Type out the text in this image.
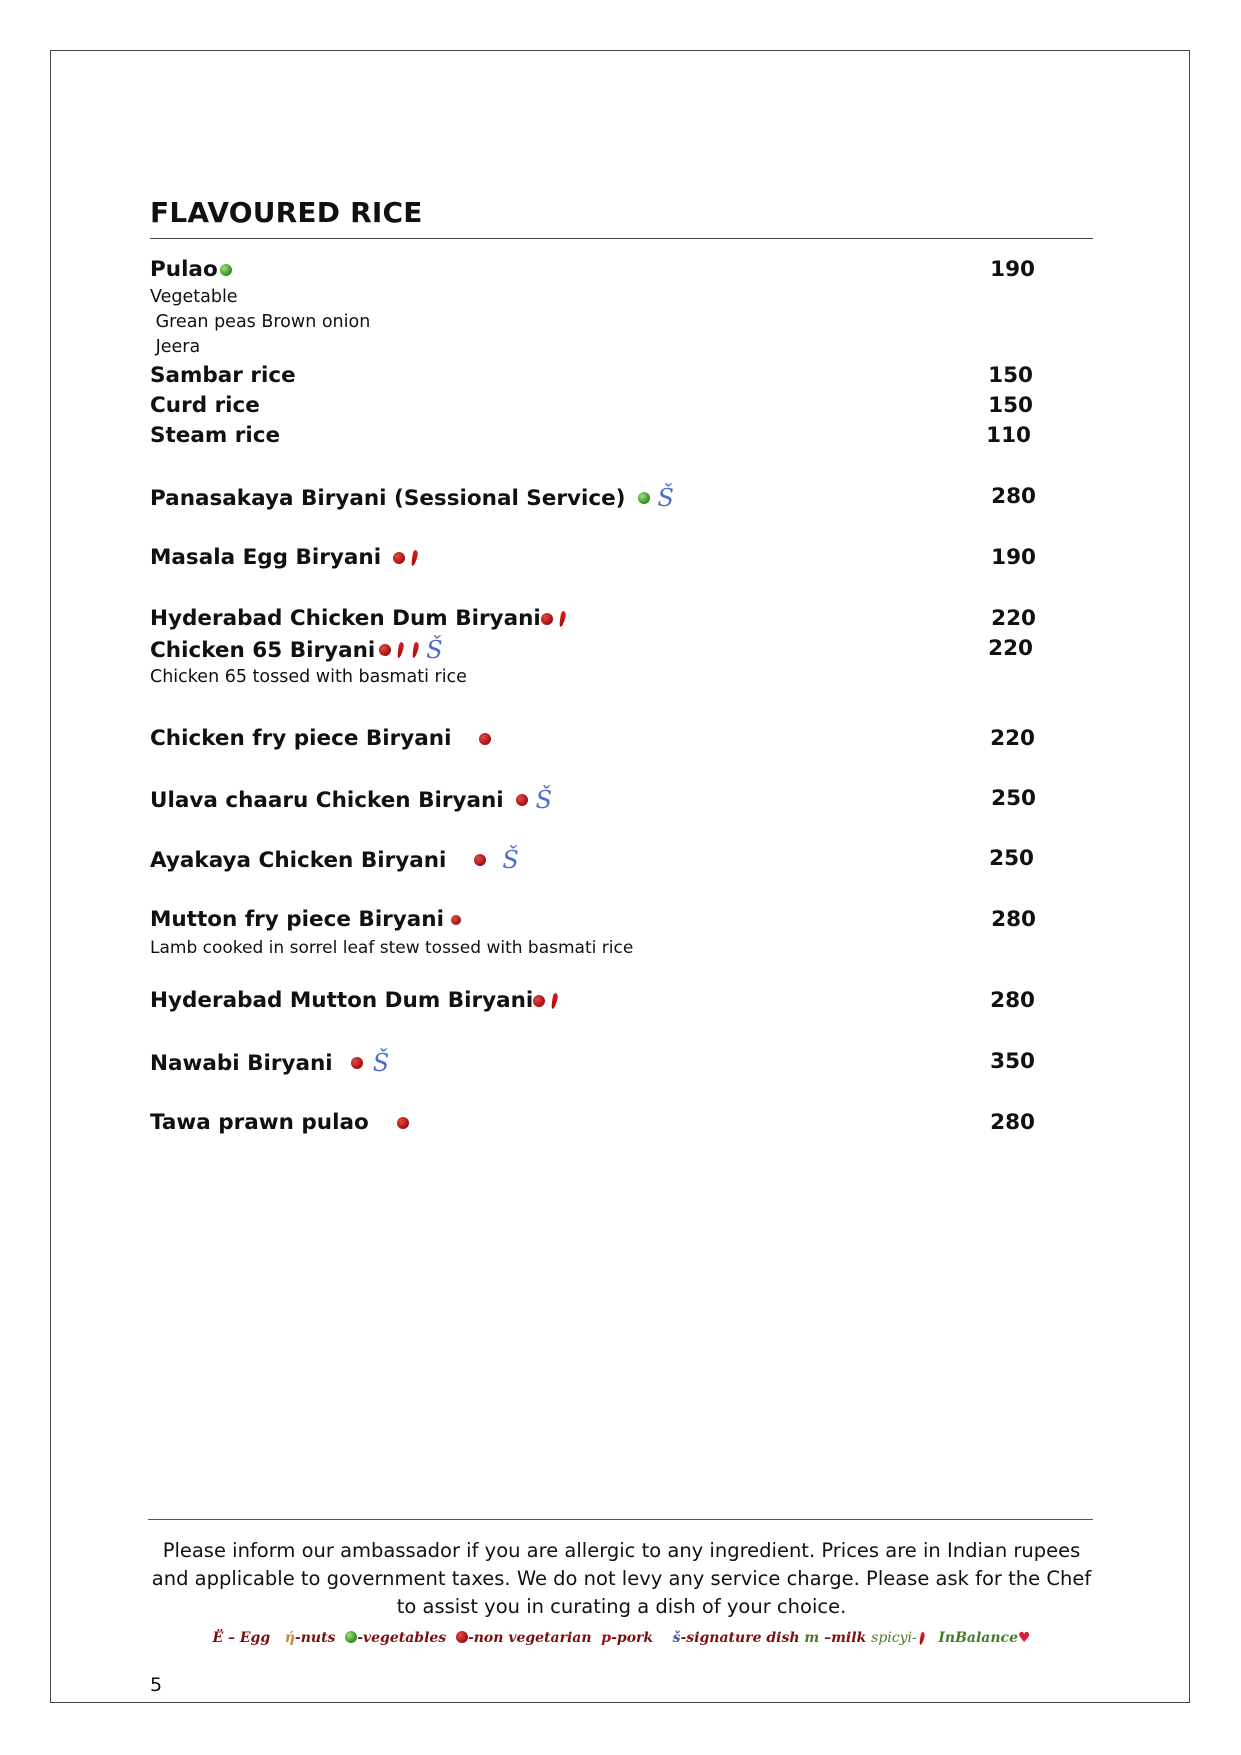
FLAVOURED RICE
Pulao	190
Vegetable
Grean peas Brown onion
Jeera
Sambar rice	150
Curd rice	150
Steam rice	110
Panasakaya Biryani (Sessional Service) Š	280
Masala Egg Biryani	190
Hyderabad Chicken Dum Biryani	220
Chicken 65 Biryani Š	220
Chicken 65 tossed with basmati rice
Chicken fry piece Biryani	220
Ulava chaaru Chicken Biryani Š	250
Ayakaya Chicken Biryani Š	250
Mutton fry piece Biryani	280
Lamb cooked in sorrel leaf stew tossed with basmati rice
Hyderabad Mutton Dum Biryani	280
Nawabi Biryani Š	350
Tawa prawn pulao	280
Please inform our ambassador if you are allergic to any ingredient. Prices are in Indian rupees and applicable to government taxes. We do not levy any service charge. Please ask for the Chef to assist you in curating a dish of your choice.
Ë – Egg ή-nuts -vegetables -non vegetarian p-pork š-signature dish m –milk spicyi- InBalance♥
5
